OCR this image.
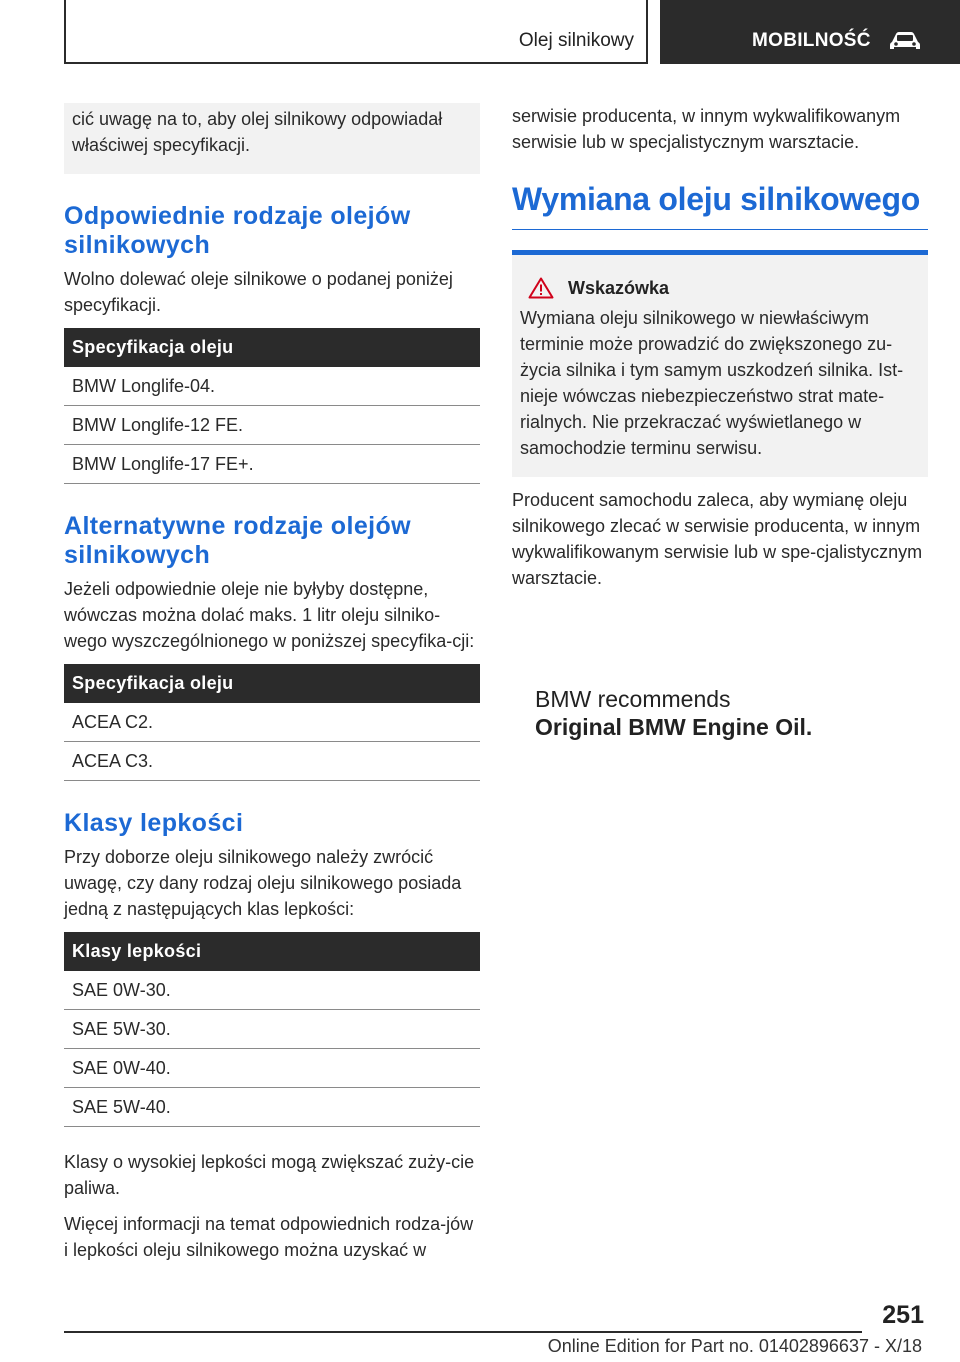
Olej silnikowy	MOBILNOŚĆ

cić uwagę na to, aby olej silnikowy odpowiadał właściwej specyfikacji.

Odpowiednie rodzaje olejów silnikowych

Wolno dolewać oleje silnikowe o podanej poniżej specyfikacji.

Specyfikacja oleju
BMW Longlife-04.
BMW Longlife-12 FE.
BMW Longlife-17 FE+.
Alternatywne rodzaje olejów silnikowych

Jeżeli odpowiednie oleje nie byłyby dostępne, wówczas można dolać maks. 1 litr oleju silniko-wego wyszczególnionego w poniższej specyfika-cji:

Specyfikacja oleju
ACEA C2.
ACEA C3.
Klasy lepkości

Przy doborze oleju silnikowego należy zwrócić uwagę, czy dany rodzaj oleju silnikowego posiada jedną z następujących klas lepkości:

Klasy lepkości
SAE 0W-30.
SAE 5W-30.
SAE 0W-40.
SAE 5W-40.

Klasy o wysokiej lepkości mogą zwiększać zuży-cie paliwa.

Więcej informacji na temat odpowiednich rodza-jów i lepkości oleju silnikowego można uzyskać w

serwisie producenta, w innym wykwalifikowanym serwisie lub w specjalistycznym warsztacie.

Wymiana oleju silnikowego
Wskazówka

Wymiana oleju silnikowego w niewłaściwym terminie może prowadzić do zwiększonego zu-życia silnika i tym samym uszkodzeń silnika. Ist-nieje wówczas niebezpieczeństwo strat mate-rialnych. Nie przekraczać wyświetlanego w samochodzie terminu serwisu.

Producent samochodu zaleca, aby wymianę oleju silnikowego zlecać w serwisie producenta, w innym wykwalifikowanym serwisie lub w spe-cjalistycznym warsztacie.

BMW recommends
Original BMW Engine Oil.
251
Online Edition for Part no. 01402896637 - X/18
